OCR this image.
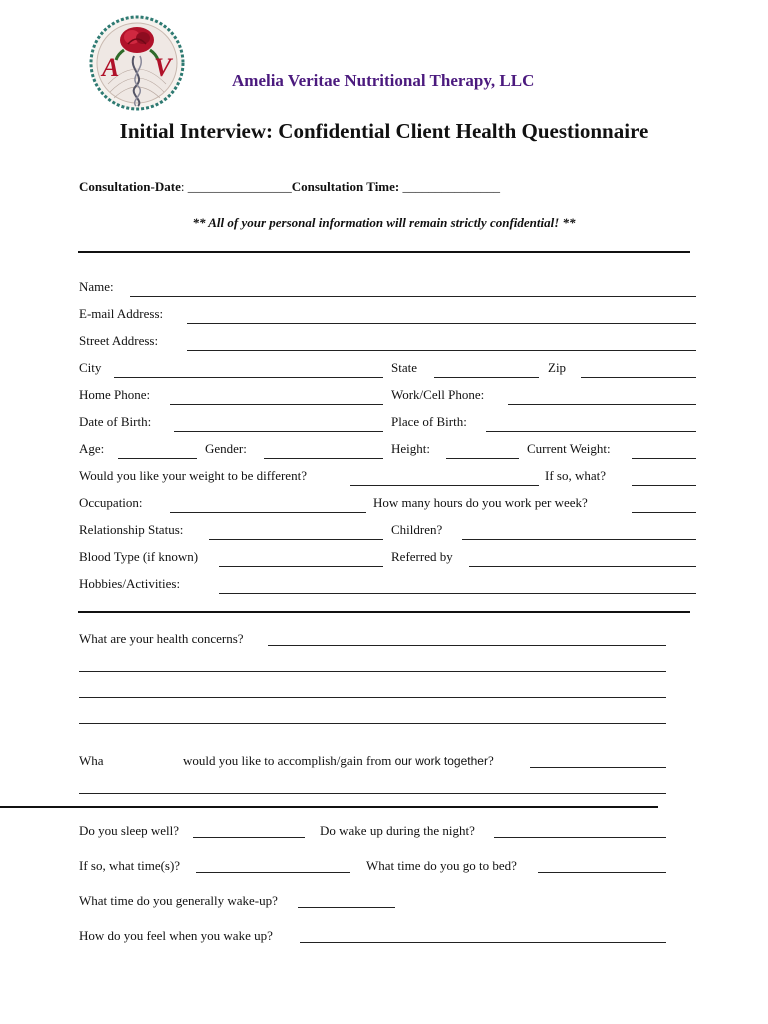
A V	Amelia Veritae Nutritional Therapy, LLC
Initial Interview: Confidential Client Health Questionnaire
Consultation-Date: ________________Consultation Time: _______________
** All of your personal information will remain strictly confidential! **
Name:
E-mail Address:
Street Address:
City	State	Zip
Home Phone:	Work/Cell Phone:
Date of Birth:	Place of Birth:
Age:	Gender:	Height:	Current Weight:
Would you like your weight to be different?	If so, what?
Occupation:	How many hours do you work per week?
Relationship Status:	Children?
Blood Type (if known)	Referred by
Hobbies/Activities:
What are your health concerns?
Wha	would you like to accomplish/gain from our work together?
Do you sleep well?	Do wake up during the night?
If so, what time(s)?	What time do you go to bed?
What time do you generally wake-up?
How do you feel when you wake up?
